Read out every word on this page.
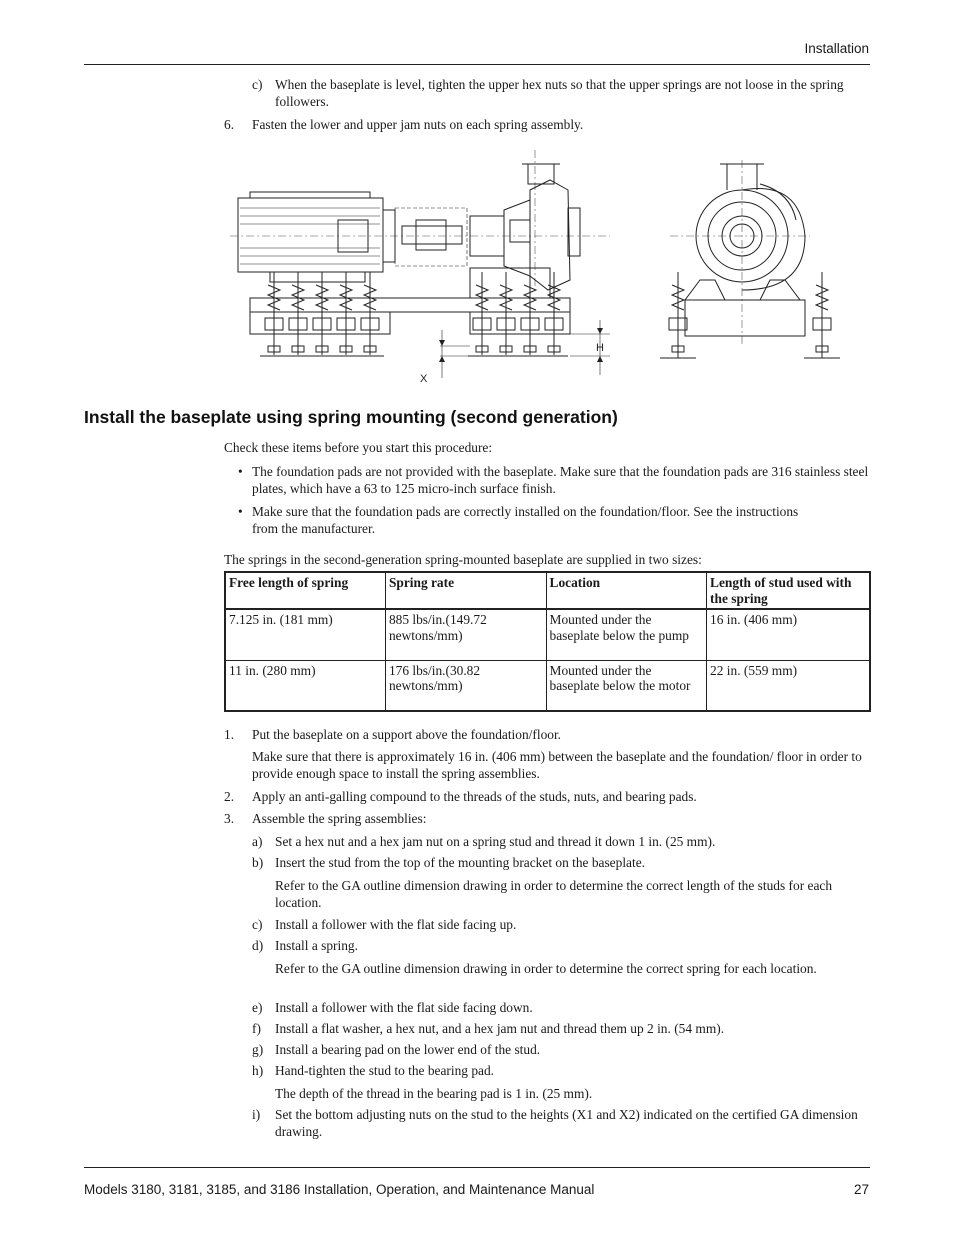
Installation
c) When the baseplate is level, tighten the upper hex nuts so that the upper springs are not loose in the spring followers.

6. Fasten the lower and upper jam nuts on each spring assembly.

H
X
Install the baseplate using spring mounting (second generation)

Check these items before you start this procedure:

• The foundation pads are not provided with the baseplate. Make sure that the foundation pads are 316 stainless steel plates, which have a 63 to 125 micro-inch surface finish.

• Make sure that the foundation pads are correctly installed on the foundation/floor. See the instructions from the manufacturer.

The springs in the second-generation spring-mounted baseplate are supplied in two sizes:

Free length of spring	Spring rate	Location	Length of stud used with the spring
7.125 in. (181 mm)	885 lbs/in.(149.72 newtons/mm)	Mounted under the baseplate below the pump	16 in. (406 mm)
11 in. (280 mm)	176 lbs/in.(30.82 newtons/mm)	Mounted under the baseplate below the motor	22 in. (559 mm)
1. Put the baseplate on a support above the foundation/floor.

Make sure that there is approximately 16 in. (406 mm) between the baseplate and the foundation/ floor in order to provide enough space to install the spring assemblies.

2. Apply an anti-galling compound to the threads of the studs, nuts, and bearing pads.

3. Assemble the spring assemblies:

a) Set a hex nut and a hex jam nut on a spring stud and thread it down 1 in. (25 mm).

b) Insert the stud from the top of the mounting bracket on the baseplate.

Refer to the GA outline dimension drawing in order to determine the correct length of the studs for each location.

c) Install a follower with the flat side facing up.

d) Install a spring.

Refer to the GA outline dimension drawing in order to determine the correct spring for each location.

e) Install a follower with the flat side facing down.

f) Install a flat washer, a hex nut, and a hex jam nut and thread them up 2 in. (54 mm).

g) Install a bearing pad on the lower end of the stud.

h) Hand-tighten the stud to the bearing pad.

The depth of the thread in the bearing pad is 1 in. (25 mm).

i) Set the bottom adjusting nuts on the stud to the heights (X1 and X2) indicated on the certified GA dimension drawing.

Models 3180, 3181, 3185, and 3186 Installation, Operation, and Maintenance Manual	27
